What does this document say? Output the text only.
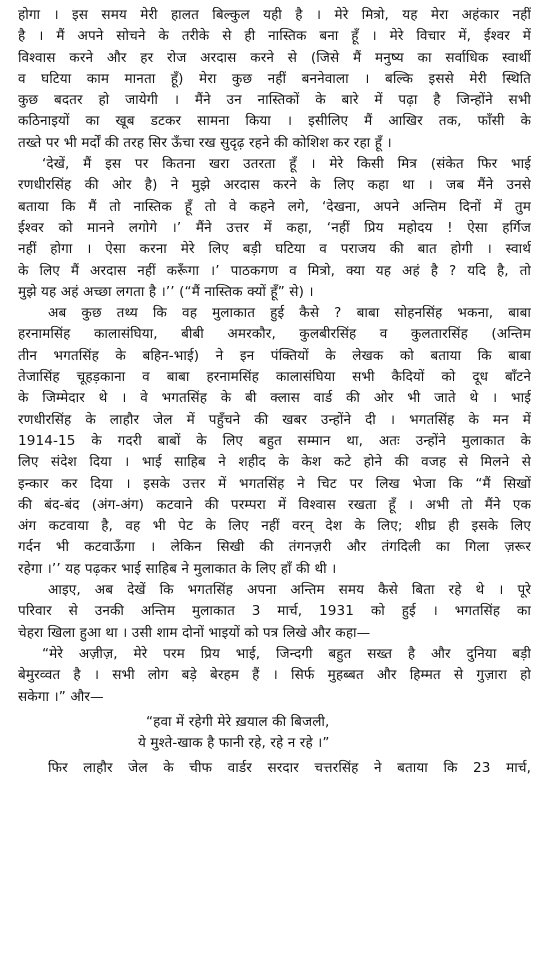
होगा । इस समय मेरी हालत बिल्कुल यही है । मेरे मित्रो, यह मेरा अहंकार नहीं
है । मैं अपने सोचने के तरीके से ही नास्तिक बना हूँ । मेरे विचार में, ईश्वर में
विश्वास करने और हर रोज अरदास करने से (जिसे मैं मनुष्य का सर्वाधिक स्वार्थी
व घटिया काम मानता हूँ) मेरा कुछ नहीं बननेवाला । बल्कि इससे मेरी स्थिति
कुछ बदतर हो जायेगी । मैंने उन नास्तिकों के बारे में पढ़ा है जिन्होंने सभी
कठिनाइयों का खूब डटकर सामना किया । इसीलिए मैं आखिर तक, फाँसी के
तख्ते पर भी मर्दों की तरह सिर ऊँचा रख सुदृढ़ रहने की कोशिश कर रहा हूँ ।
‘देखें, मैं इस पर कितना खरा उतरता हूँ । मेरे किसी मित्र (संकेत फिर भाई
रणधीरसिंह की ओर है) ने मुझे अरदास करने के लिए कहा था । जब मैंने उनसे
बताया कि मैं तो नास्तिक हूँ तो वे कहने लगे, ‘देखना, अपने अन्तिम दिनों में तुम
ईश्वर को मानने लगोगे ।’ मैंने उत्तर में कहा, ‘नहीं प्रिय महोदय ! ऐसा हर्गिज
नहीं होगा । ऐसा करना मेरे लिए बड़ी घटिया व पराजय की बात होगी । स्वार्थ
के लिए मैं अरदास नहीं करूँगा ।’ पाठकगण व मित्रो, क्या यह अहं है ? यदि है, तो
मुझे यह अहं अच्छा लगता है ।’’ (“मैं नास्तिक क्यों हूँ” से) ।
अब कुछ तथ्य कि वह मुलाकात हुई कैसे ? बाबा सोहनसिंह भकना, बाबा
हरनामसिंह कालासंघिया, बीबी अमरकौर, कुलबीरसिंह व कुलतारसिंह (अन्तिम
तीन भगतसिंह के बहिन-भाई) ने इन पंक्तियों के लेखक को बताया कि बाबा
तेजासिंह चूहड़काना व बाबा हरनामसिंह कालासंघिया सभी कैदियों को दूध बाँटने
के जिम्मेदार थे । वे भगतसिंह के बी क्लास वार्ड की ओर भी जाते थे । भाई
रणधीरसिंह के लाहौर जेल में पहुँचने की खबर उन्होंने दी । भगतसिंह के मन में
1914-15 के गदरी बाबों के लिए बहुत सम्मान था, अतः उन्होंने मुलाकात के
लिए संदेश दिया । भाई साहिब ने शहीद के केश कटे होने की वजह से मिलने से
इन्कार कर दिया । इसके उत्तर में भगतसिंह ने चिट पर लिख भेजा कि “मैं सिखों
की बंद-बंद (अंग-अंग) कटवाने की परम्परा में विश्वास रखता हूँ । अभी तो मैंने एक
अंग कटवाया है, वह भी पेट के लिए नहीं वरन् देश के लिए; शीघ्र ही इसके लिए
गर्दन भी कटवाऊँगा । लेकिन सिखी की तंगनज़री और तंगदिली का गिला ज़रूर
रहेगा ।’’ यह पढ़कर भाई साहिब ने मुलाकात के लिए हाँ की थी ।
आइए, अब देखें कि भगतसिंह अपना अन्तिम समय कैसे बिता रहे थे । पूरे
परिवार से उनकी अन्तिम मुलाकात 3 मार्च, 1931 को हुई । भगतसिंह का
चेहरा खिला हुआ था । उसी शाम दोनों भाइयों को पत्र लिखे और कहा—
“मेरे अज़ीज़, मेरे परम प्रिय भाई, जिन्दगी बहुत सख्त है और दुनिया बड़ी
बेमुरव्वत है । सभी लोग बड़े बेरहम हैं । सिर्फ मुहब्बत और हिम्मत से गुज़ारा हो
सकेगा ।” और—
“हवा में रहेगी मेरे ख़याल की बिजली,
ये मुश्ते-खाक है फानी रहे, रहे न रहे ।”
फिर लाहौर जेल के चीफ वार्डर सरदार चत्तरसिंह ने बताया कि 23 मार्च,
